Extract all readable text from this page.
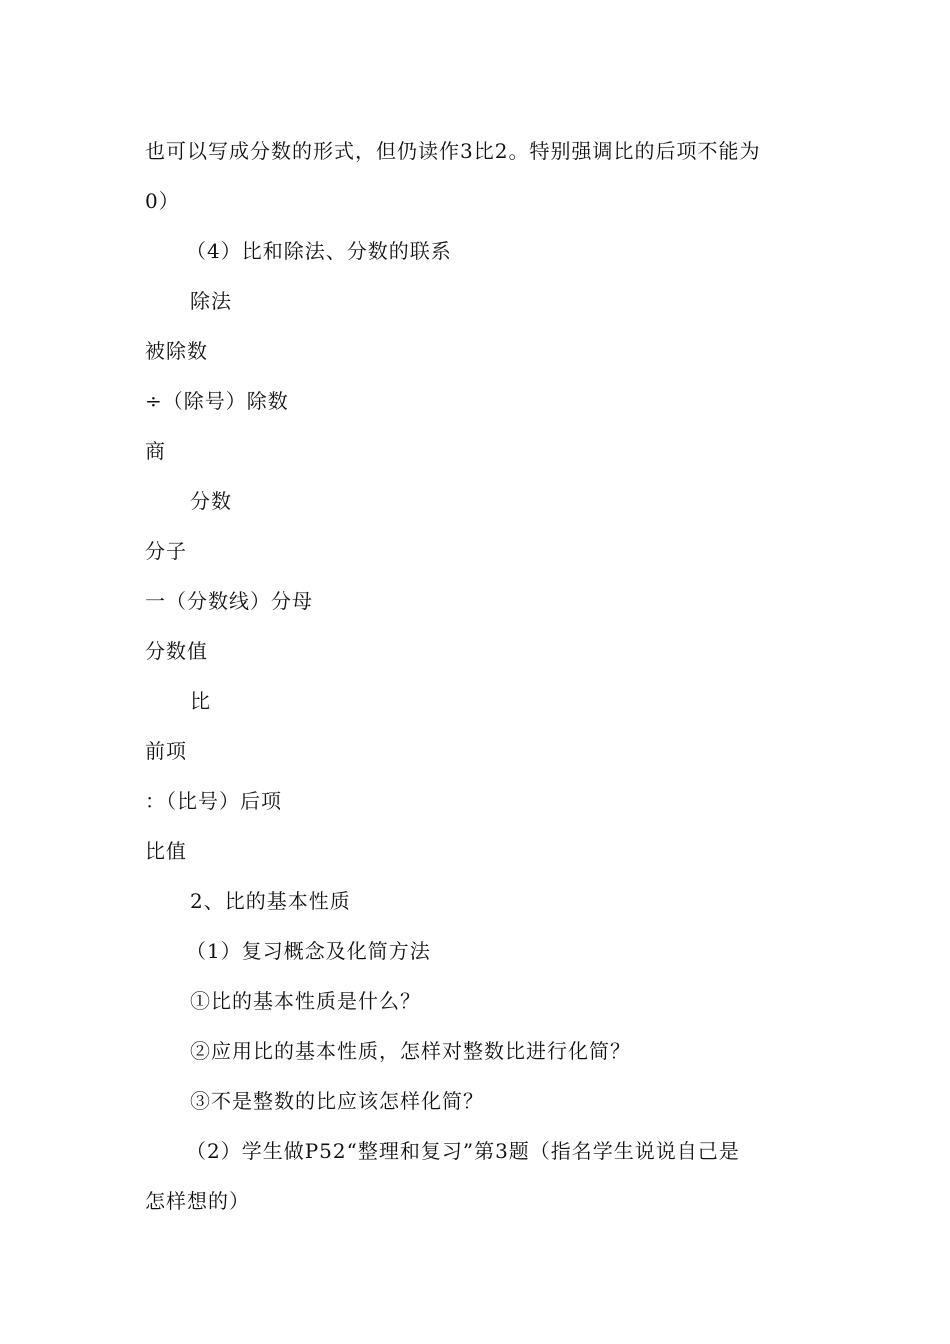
也可以写成分数的形式，但仍读作3比2。特别强调比的后项不能为
0）
（4）比和除法、分数的联系
除法
被除数
÷（除号）除数
商
分数
分子
一（分数线）分母
分数值
比
前项
：（比号）后项
比值
2、比的基本性质
（1）复习概念及化简方法
①比的基本性质是什么？
②应用比的基本性质，怎样对整数比进行化简？
③不是整数的比应该怎样化简？
（2）学生做P52“整理和复习”第3题（指名学生说说自己是
怎样想的）
